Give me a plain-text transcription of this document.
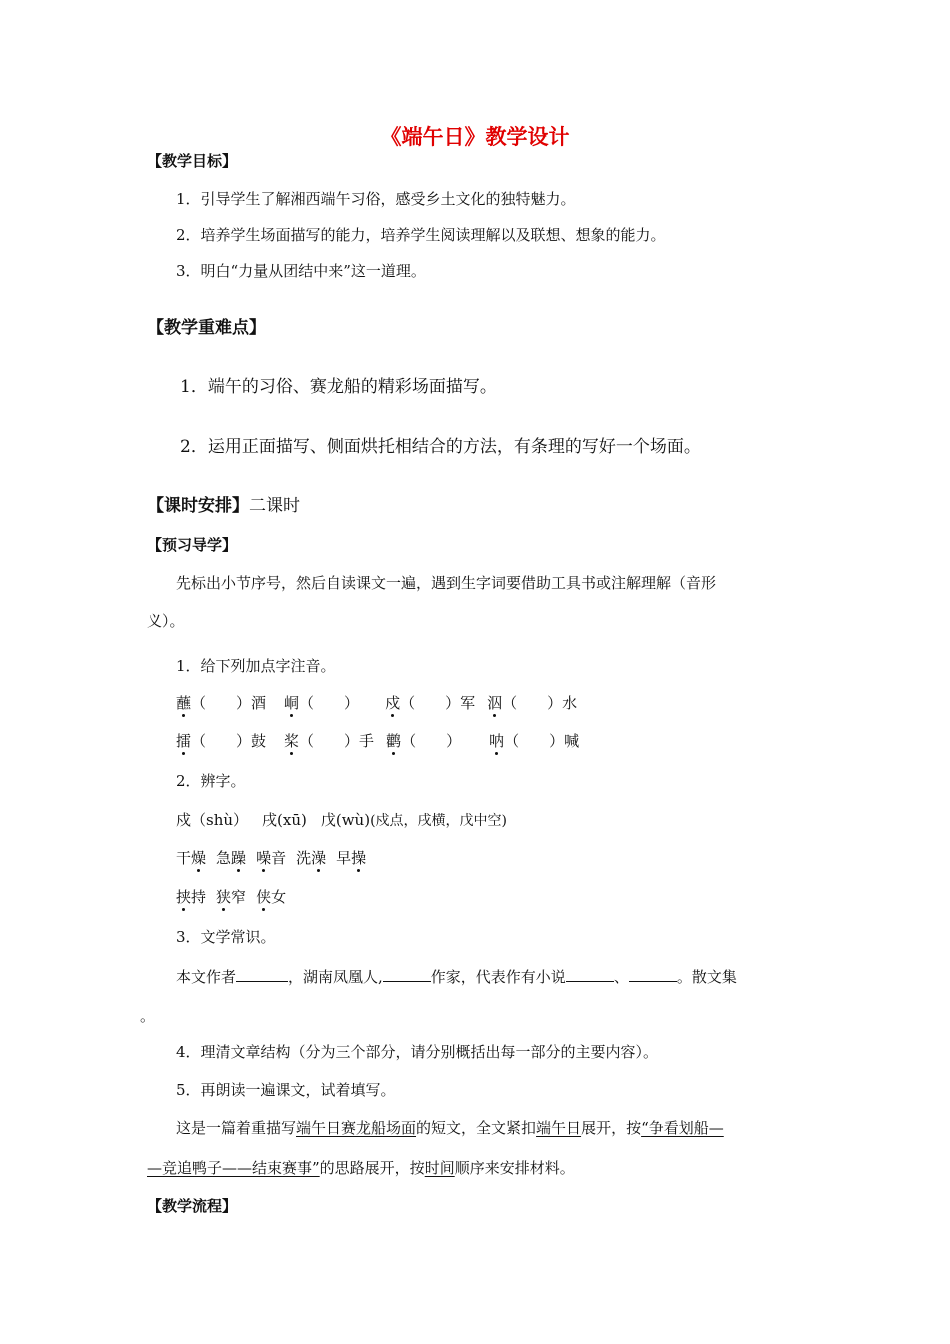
《端午日》教学设计
【教学目标】
1．引导学生了解湘西端午习俗，感受乡土文化的独特魅力。
2．培养学生场面描写的能力，培养学生阅读理解以及联想、想象的能力。
3．明白“力量从团结中来”这一道理。
【教学重难点】
1．端午的习俗、赛龙船的精彩场面描写。
2．运用正面描写、侧面烘托相结合的方法，有条理的写好一个场面。
【课时安排】二课时
【预习导学】
先标出小节序号，然后自读课文一遍，遇到生字词要借助工具书或注解理解（音形
义）。
1．给下列加点字注音。
蘸（　　）酒 峒（　　） 戍（　　）军 泅（　　）水
擂（　　）鼓 桨（　　）手 鹳（　　） 呐（　　）喊
2．辨字。
戍（shù） 戌(xū) 戊(wù)(戍点，戌横，戊中空)
干燥 急躁 噪音 洗澡 早操
挟持 狭窄 侠女
3．文学常识。
本文作者	，湖南凤凰人,	作家，代表作有小说	、	。散文集
。
4．理清文章结构（分为三个部分，请分别概括出每一部分的主要内容）。
5．再朗读一遍课文，试着填写。
这是一篇着重描写端午日赛龙船场面的短文，全文紧扣端午日展开，按“争看划船—
—竞追鸭子——结束赛事”的思路展开，按时间顺序来安排材料。
【教学流程】
